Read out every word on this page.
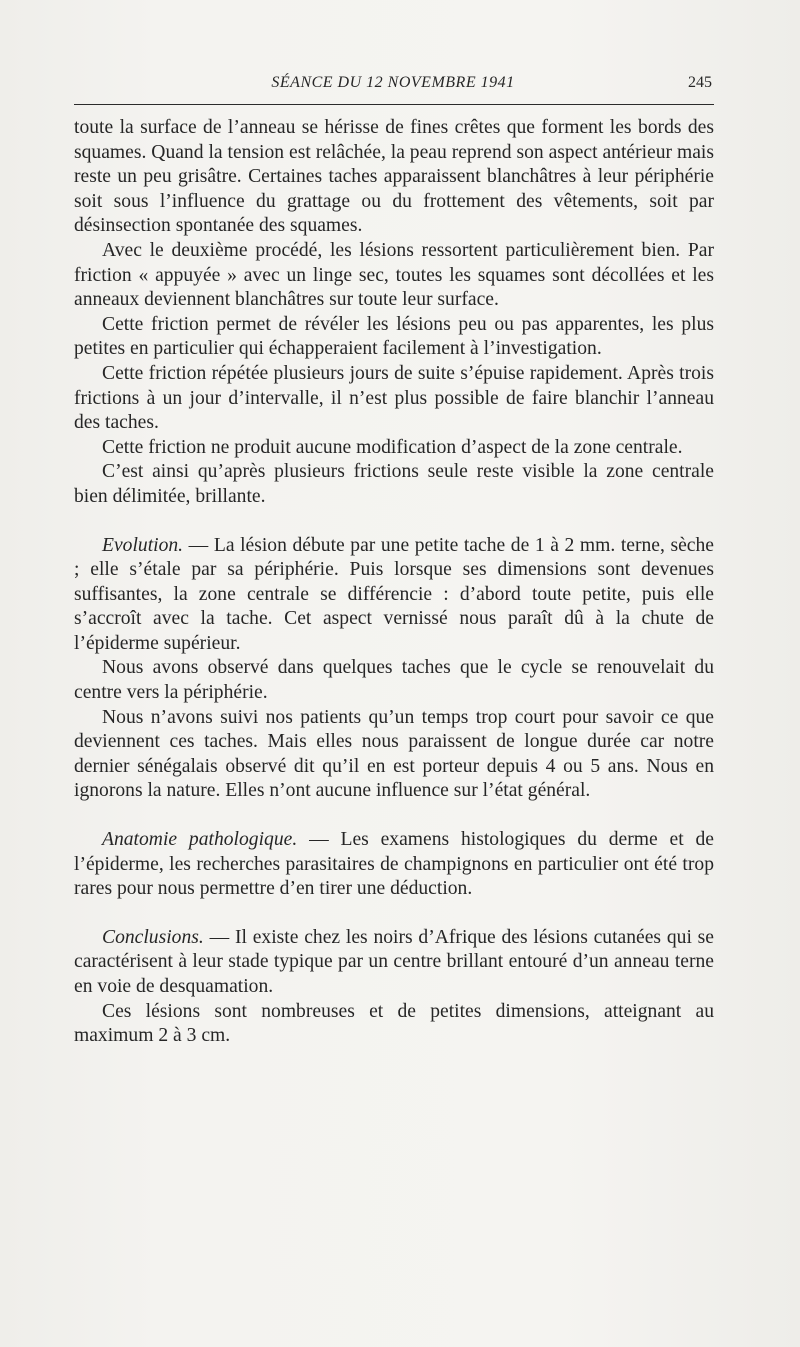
SÉANCE DU 12 NOVEMBRE 1941	245

toute la surface de l’anneau se hérisse de fines crêtes que forment les bords des squames. Quand la tension est relâchée, la peau reprend son aspect antérieur mais reste un peu grisâtre. Certaines taches apparaissent blanchâtres à leur périphérie soit sous l’influence du grattage ou du frottement des vêtements, soit par désinsection spontanée des squames.

Avec le deuxième procédé, les lésions ressortent particulièrement bien. Par friction « appuyée » avec un linge sec, toutes les squames sont décollées et les anneaux deviennent blanchâtres sur toute leur surface.

Cette friction permet de révéler les lésions peu ou pas apparentes, les plus petites en particulier qui échapperaient facilement à l’investigation.

Cette friction répétée plusieurs jours de suite s’épuise rapidement. Après trois frictions à un jour d’intervalle, il n’est plus possible de faire blanchir l’anneau des taches.

Cette friction ne produit aucune modification d’aspect de la zone centrale.

C’est ainsi qu’après plusieurs frictions seule reste visible la zone centrale bien délimitée, brillante.

Evolution. — La lésion débute par une petite tache de 1 à 2 mm. terne, sèche ; elle s’étale par sa périphérie. Puis lorsque ses dimensions sont devenues suffisantes, la zone centrale se différencie : d’abord toute petite, puis elle s’accroît avec la tache. Cet aspect vernissé nous paraît dû à la chute de l’épiderme supérieur.

Nous avons observé dans quelques taches que le cycle se renouvelait du centre vers la périphérie.

Nous n’avons suivi nos patients qu’un temps trop court pour savoir ce que deviennent ces taches. Mais elles nous paraissent de longue durée car notre dernier sénégalais observé dit qu’il en est porteur depuis 4 ou 5 ans. Nous en ignorons la nature. Elles n’ont aucune influence sur l’état général.

Anatomie pathologique. — Les examens histologiques du derme et de l’épiderme, les recherches parasitaires de champignons en particulier ont été trop rares pour nous permettre d’en tirer une déduction.

Conclusions. — Il existe chez les noirs d’Afrique des lésions cutanées qui se caractérisent à leur stade typique par un centre brillant entouré d’un anneau terne en voie de desquamation.

Ces lésions sont nombreuses et de petites dimensions, atteignant au maximum 2 à 3 cm.
